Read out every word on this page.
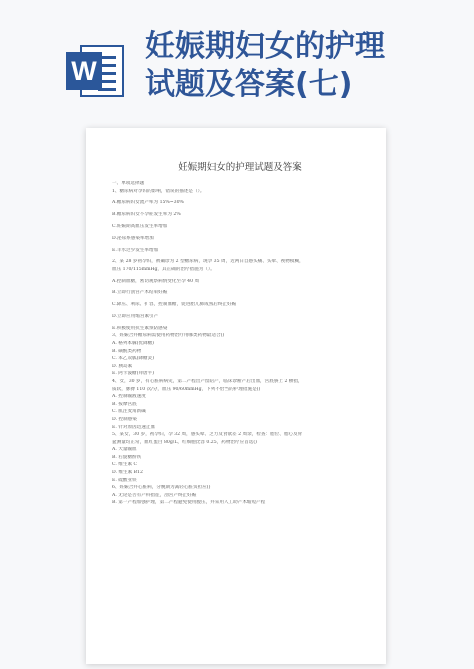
W
妊娠期妇女的护理
试题及答案(七)
妊娠期妇女的护理试题及答案
一、单项选择题
1、糖尿病对孕妇的影响，错误的描述是（）。
A.糖尿病妇女流产率为 15%~30%
B.糖尿病妇女不孕症发生率为 2%
C.妊娠期高血压发生率增加
D.泌尿系感染率增加
E.羊水过少发生率增加
2、某 28 岁初孕妇，被确诊为 2 型糖尿病，现孕 35 周，近两日自感头痛、头晕、视物模糊，
血压 170/115mmHg，其正确的治疗措施为（）。
A.控制血糖，密切观察病情变化至孕 40 周
B.立即行剖宫产术结束妊娠
C.降压、利尿、扩容，控制血糖，促进胎儿肺成熟后终止妊娠
D.立即应用缩宫素引产
E.积极使用抗生素预防感染
3、妊娠合并糖尿病需使用药物治疗用哪类药物最适合()
A. 格列本脲(优降糖)
B. 磺酰类药物
C. 苯乙双胍(降糖灵)
D. 胰岛素
E. 阿卡波糖(拜唐平)
4、女，30 岁，有心脏病病史，第二产程出产留陪产，临床诊断产后出血，宫底脐上 2 横指，
质软，脉搏 110 次/分，血压 90/60mmHg，下列不恰当的护理措施是()
A. 控制输液速度
B. 按摩宫底
C. 肌注麦角新碱
D. 控制感染
E. 针对原因迅速止血
5、某女，30 岁，初孕妇，孕 32 周，感头晕、乏力及食欲差 2 周余，检查：胎位、胎心及骨
盆测量均正常，血红蛋白 80g/L，红细胞比容 0.25，药物治疗应首选()
A. 大量输血
B. 右旋糖酐铁
C. 维生素 C
D. 维生素 B12
E. 硫酸亚铁
6、妊娠合并心脏病，分娩期为减轻心脏负担应()
A. 无论是否有产科指征，剖宫产终止妊娠
B. 第一产程加强护理，第二产程避免使用腹压，并采用人工助产术缩短产程
